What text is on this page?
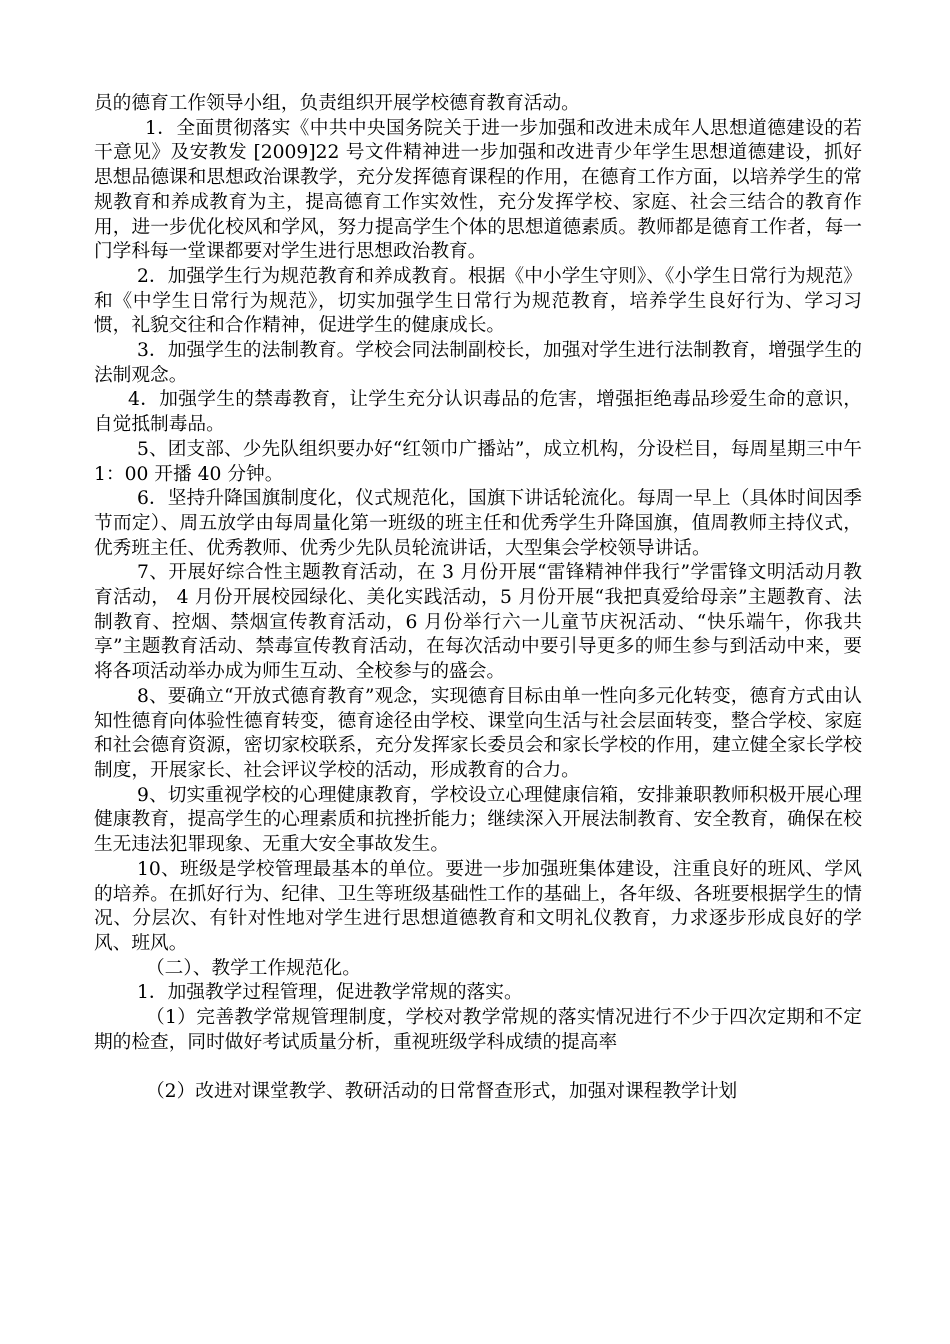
员的德育工作领导小组，负责组织开展学校德育教育活动。

1．全面贯彻落实《中共中央国务院关于进一步加强和改进未成年人思想道德建设的若干意见》及安教发 [2009]22 号文件精神进一步加强和改进青少年学生思想道德建设，抓好思想品德课和思想政治课教学，充分发挥德育课程的作用，在德育工作方面，以培养学生的常规教育和养成教育为主，提高德育工作实效性，充分发挥学校、家庭、社会三结合的教育作用，进一步优化校风和学风，努力提高学生个体的思想道德素质。教师都是德育工作者，每一门学科每一堂课都要对学生进行思想政治教育。

2．加强学生行为规范教育和养成教育。根据《中小学生守则》、《小学生日常行为规范》和《中学生日常行为规范》，切实加强学生日常行为规范教育，培养学生良好行为、学习习惯，礼貌交往和合作精神，促进学生的健康成长。

3．加强学生的法制教育。学校会同法制副校长，加强对学生进行法制教育，增强学生的法制观念。

4．加强学生的禁毒教育，让学生充分认识毒品的危害，增强拒绝毒品珍爱生命的意识，自觉抵制毒品。

5、团支部、少先队组织要办好“红领巾广播站”，成立机构，分设栏目，每周星期三中午 1：00 开播 40 分钟。

6．坚持升降国旗制度化，仪式规范化，国旗下讲话轮流化。每周一早上（具体时间因季节而定）、周五放学由每周量化第一班级的班主任和优秀学生升降国旗，值周教师主持仪式，优秀班主任、优秀教师、优秀少先队员轮流讲话，大型集会学校领导讲话。

7、开展好综合性主题教育活动，在 3 月份开展“雷锋精神伴我行”学雷锋文明活动月教育活动， 4 月份开展校园绿化、美化实践活动，5 月份开展“我把真爱给母亲”主题教育、法制教育、控烟、禁烟宣传教育活动，6 月份举行六一儿童节庆祝活动、“快乐端午，你我共享”主题教育活动、禁毒宣传教育活动，在每次活动中要引导更多的师生参与到活动中来，要将各项活动举办成为师生互动、全校参与的盛会。

8、要确立“开放式德育教育”观念，实现德育目标由单一性向多元化转变，德育方式由认知性德育向体验性德育转变，德育途径由学校、课堂向生活与社会层面转变，整合学校、家庭和社会德育资源，密切家校联系，充分发挥家长委员会和家长学校的作用，建立健全家长学校制度，开展家长、社会评议学校的活动，形成教育的合力。

9、切实重视学校的心理健康教育，学校设立心理健康信箱，安排兼职教师积极开展心理健康教育，提高学生的心理素质和抗挫折能力；继续深入开展法制教育、安全教育，确保在校生无违法犯罪现象、无重大安全事故发生。

10、班级是学校管理最基本的单位。要进一步加强班集体建设，注重良好的班风、学风的培养。在抓好行为、纪律、卫生等班级基础性工作的基础上，各年级、各班要根据学生的情况、分层次、有针对性地对学生进行思想道德教育和文明礼仪教育，力求逐步形成良好的学风、班风。

（二）、教学工作规范化。

1．加强教学过程管理，促进教学常规的落实。

（1）完善教学常规管理制度，学校对教学常规的落实情况进行不少于四次定期和不定期的检查，同时做好考试质量分析，重视班级学科成绩的提高率

（2）改进对课堂教学、教研活动的日常督查形式，加强对课程教学计划
